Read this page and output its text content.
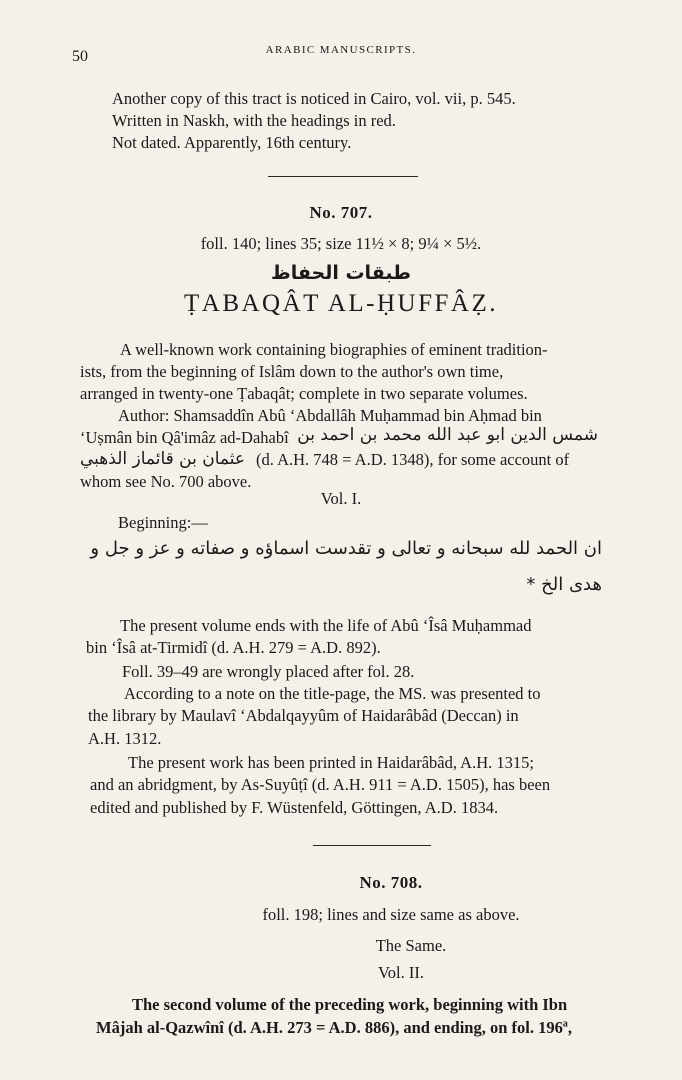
50	ARABIC MANUSCRIPTS.
Another copy of this tract is noticed in Cairo, vol. vii, p. 545.
Written in Naskh, with the headings in red.
Not dated. Apparently, 16th century.
No. 707.
foll. 140; lines 35; size 11½ × 8; 9¼ × 5½.
طبقات الحفاظ
ṬABAQÂT AL-ḤUFFÂẒ.
A well-known work containing biographies of eminent tradition-
ists, from the beginning of Islâm down to the author's own time,
arranged in twenty-one Ṭabaqât; complete in two separate volumes.
Author: Shamsaddîn Abû ‘Abdallâh Muḥammad bin Aḥmad bin
‘Uṣmân bin Qâ'imâz ad-Dahabî شمس الدين ابو عبد الله محمد بن احمد بن
عثمان بن قائماز الذهبي (d. A.H. 748 = A.D. 1348), for some account of
whom see No. 700 above.
Vol. I.
Beginning:—
ان الحمد لله سبحانه و تعالى و تقدست اسماؤه و صفاته و عز و جل و
هدى الخ *
The present volume ends with the life of Abû ‘Îsâ Muḥammad
bin ‘Îsâ at-Tirmidî (d. A.H. 279 = A.D. 892).
Foll. 39–49 are wrongly placed after fol. 28.
According to a note on the title-page, the MS. was presented to
the library by Maulavî ‘Abdalqayyûm of Haidarâbâd (Deccan) in
A.H. 1312.
The present work has been printed in Haidarâbâd, A.H. 1315;
and an abridgment, by As-Suyûṭî (d. A.H. 911 = A.D. 1505), has been
edited and published by F. Wüstenfeld, Göttingen, A.D. 1834.
No. 708.
foll. 198; lines and size same as above.
The Same.
Vol. II.
The second volume of the preceding work, beginning with Ibn
Mâjah al-Qazwînî (d. A.H. 273 = A.D. 886), and ending, on fol. 196ª,
